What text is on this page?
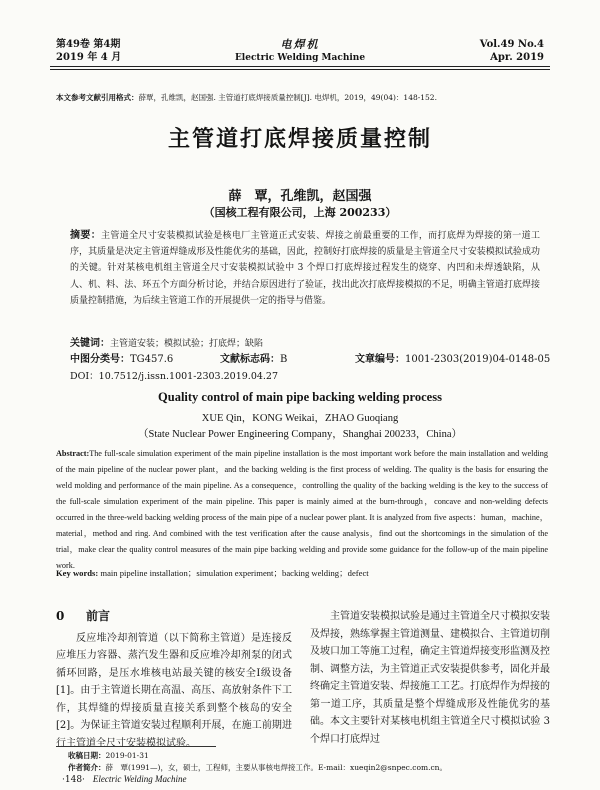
第49卷 第4期
2019 年 4 月
电焊机
Electric Welding Machine
Vol.49 No.4
Apr. 2019
本文参考文献引用格式：薛覃，孔维凯，赵国强. 主管道打底焊接质量控制[J]. 电焊机，2019，49(04)：148-152.
主管道打底焊接质量控制
薛　覃，孔维凯，赵国强
（国核工程有限公司，上海 200233）
摘要：主管道全尺寸安装模拟试验是核电厂主管道正式安装、焊接之前最重要的工作，而打底焊为焊接的第一道工序，其质量是决定主管道焊缝成形及性能优劣的基础，因此，控制好打底焊接的质量是主管道全尺寸安装模拟试验成功的关键。针对某核电机组主管道全尺寸安装模拟试验中 3 个焊口打底焊接过程发生的烧穿、内凹和未焊透缺陷，从人、机、料、法、环五个方面分析讨论，并结合原因进行了验证，找出此次打底焊接模拟的不足，明确主管道打底焊接质量控制措施，为后续主管道工作的开展提供一定的指导与借鉴。
关键词：主管道安装；模拟试验；打底焊；缺陷
中图分类号：TG457.6	文献标志码：B	文章编号：1001-2303(2019)04-0148-05
DOI：10.7512/j.issn.1001-2303.2019.04.27
Quality control of main pipe backing welding process
XUE Qin，KONG Weikai，ZHAO Guoqiang
（State Nuclear Power Engineering Company，Shanghai 200233，China）
Abstract:The full-scale simulation experiment of the main pipeline installation is the most important work before the main installation and welding of the main pipeline of the nuclear power plant，and the backing welding is the first process of welding. The quality is the basis for ensuring the weld molding and performance of the main pipeline. As a consequence，controlling the quality of the backing welding is the key to the success of the full-scale simulation experiment of the main pipeline. This paper is mainly aimed at the burn-through，concave and non-welding defects occurred in the three-weld backing welding process of the main pipe of a nuclear power plant. It is analyzed from five aspects：human，machine，material，method and ring. And combined with the test verification after the cause analysis，find out the shortcomings in the simulation of the trial，make clear the quality control measures of the main pipe backing welding and provide some guidance for the follow-up of the main pipeline work.
Key words: main pipeline installation；simulation experiment；backing welding；defect
0 前言

反应堆冷却剂管道（以下简称主管道）是连接反应堆压力容器、蒸汽发生器和反应堆冷却剂泵的闭式循环回路，是压水堆核电站最关键的核安全Ⅰ级设备[1]。由于主管道长期在高温、高压、高放射条件下工作，其焊缝的焊接质量直接关系到整个核岛的安全[2]。为保证主管道安装过程顺利开展，在施工前期进行主管道全尺寸安装模拟试验。

主管道安装模拟试验是通过主管道全尺寸模拟安装及焊接，熟练掌握主管道测量、建模拟合、主管道切削及坡口加工等施工过程，确定主管道焊接变形监测及控制、调整方法，为主管道正式安装提供参考，固化并最终确定主管道安装、焊接施工工艺。打底焊作为焊接的第一道工序，其质量是整个焊缝成形及性能优劣的基础。本文主要针对某核电机组主管道全尺寸模拟试验 3 个焊口打底焊过

收稿日期：2019-01-31
作者简介：薛　覃(1991—)，女，硕士，工程师，主要从事核电焊接工作。E-mail：xueqin2@snpec.com.cn。
·148· Electric Welding Machine
